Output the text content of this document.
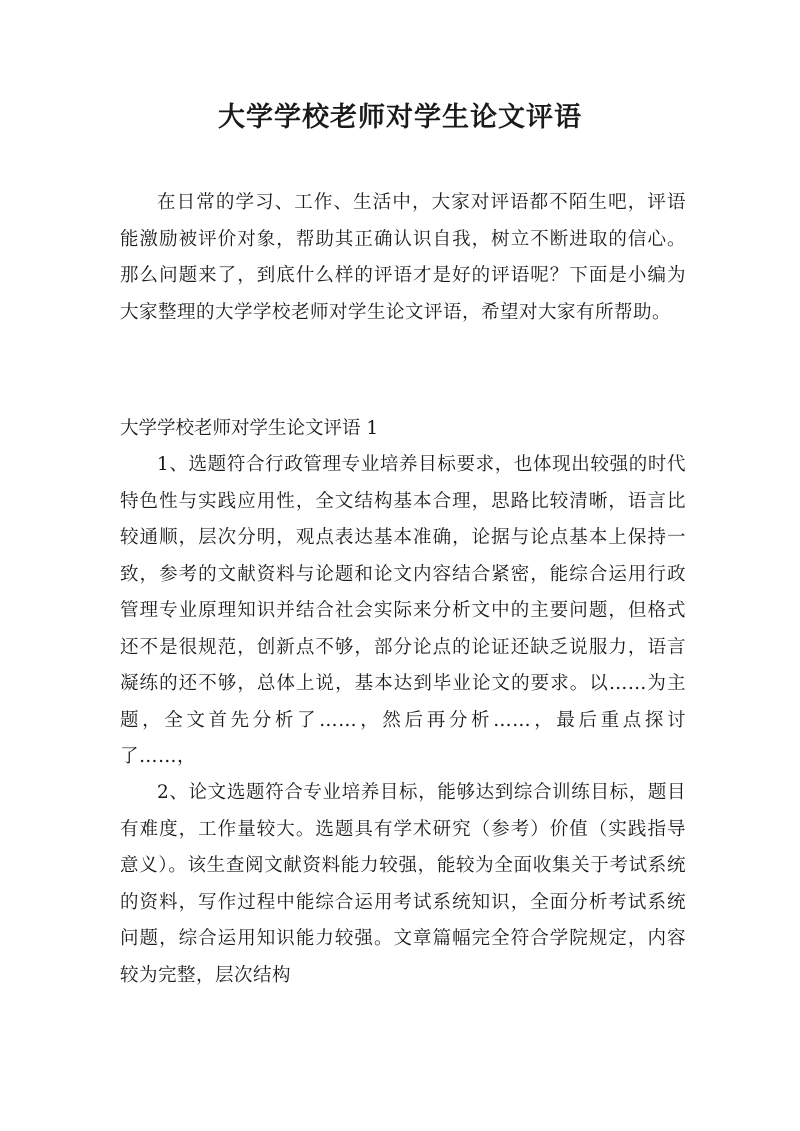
大学学校老师对学生论文评语
在日常的学习、工作、生活中，大家对评语都不陌生吧，评语能激励被评价对象，帮助其正确认识自我，树立不断进取的信心。那么问题来了，到底什么样的评语才是好的评语呢？下面是小编为大家整理的大学学校老师对学生论文评语，希望对大家有所帮助。
大学学校老师对学生论文评语 1
1、选题符合行政管理专业培养目标要求，也体现出较强的时代特色性与实践应用性，全文结构基本合理，思路比较清晰，语言比较通顺，层次分明，观点表达基本准确，论据与论点基本上保持一致，参考的文献资料与论题和论文内容结合紧密，能综合运用行政管理专业原理知识并结合社会实际来分析文中的主要问题，但格式还不是很规范，创新点不够，部分论点的论证还缺乏说服力，语言凝练的还不够，总体上说，基本达到毕业论文的要求。以……为主题，全文首先分析了……，然后再分析……，最后重点探讨了……，
2、论文选题符合专业培养目标，能够达到综合训练目标，题目有难度，工作量较大。选题具有学术研究（参考）价值（实践指导意义）。该生查阅文献资料能力较强，能较为全面收集关于考试系统的资料，写作过程中能综合运用考试系统知识，全面分析考试系统问题，综合运用知识能力较强。文章篇幅完全符合学院规定，内容较为完整，层次结构
